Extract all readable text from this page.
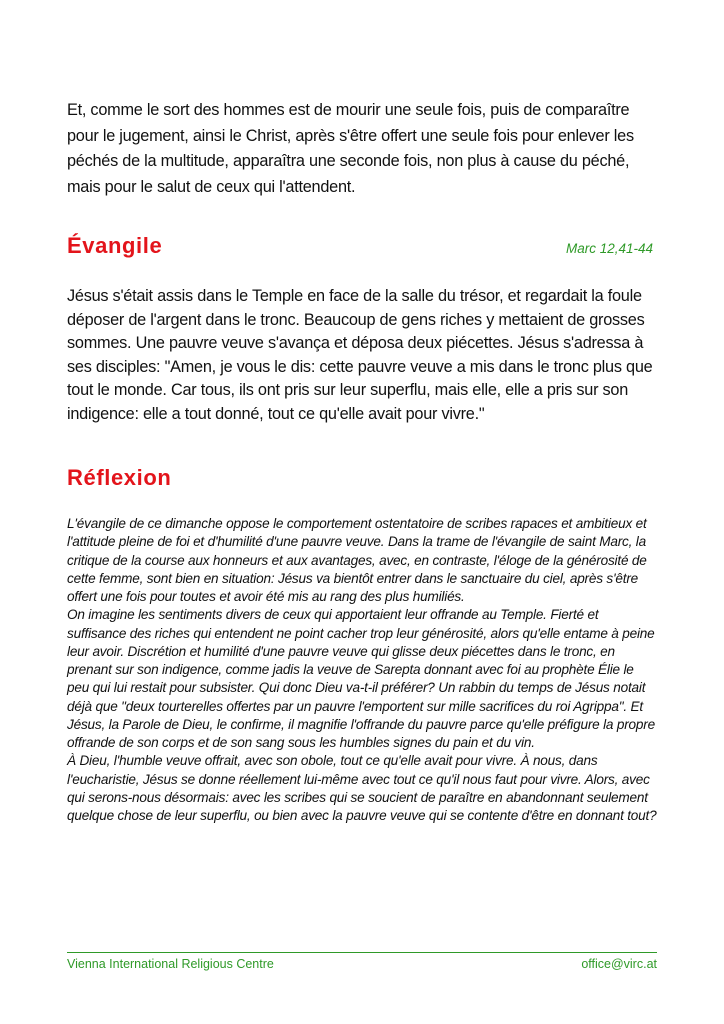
Et, comme le sort des hommes est de mourir une seule fois, puis de comparaître pour le jugement, ainsi le Christ, après s'être offert une seule fois pour enlever les péchés de la multitude, apparaîtra une seconde fois, non plus à cause du péché, mais pour le salut de ceux qui l'attendent.

Évangile	Marc 12,41-44

Jésus s'était assis dans le Temple en face de la salle du trésor, et regardait la foule déposer de l'argent dans le tronc. Beaucoup de gens riches y mettaient de grosses sommes. Une pauvre veuve s'avança et déposa deux piécettes. Jésus s'adressa à ses disciples: "Amen, je vous le dis: cette pauvre veuve a mis dans le tronc plus que tout le monde. Car tous, ils ont pris sur leur superflu, mais elle, elle a pris sur son indigence: elle a tout donné, tout ce qu'elle avait pour vivre."

Réflexion

L'évangile de ce dimanche oppose le comportement ostentatoire de scribes rapaces et ambitieux et l'attitude pleine de foi et d'humilité d'une pauvre veuve. Dans la trame de l'évangile de saint Marc, la critique de la course aux honneurs et aux avantages, avec, en contraste, l'éloge de la générosité de cette femme, sont bien en situation: Jésus va bientôt entrer dans le sanctuaire du ciel, après s'être offert une fois pour toutes et avoir été mis au rang des plus humiliés.

On imagine les sentiments divers de ceux qui apportaient leur offrande au Temple. Fierté et suffisance des riches qui entendent ne point cacher trop leur générosité, alors qu'elle entame à peine leur avoir. Discrétion et humilité d'une pauvre veuve qui glisse deux piécettes dans le tronc, en prenant sur son indigence, comme jadis la veuve de Sarepta donnant avec foi au prophète Élie le peu qui lui restait pour subsister. Qui donc Dieu va-t-il préférer? Un rabbin du temps de Jésus notait déjà que "deux tourterelles offertes par un pauvre l'emportent sur mille sacrifices du roi Agrippa". Et Jésus, la Parole de Dieu, le confirme, il magnifie l'offrande du pauvre parce qu'elle préfigure la propre offrande de son corps et de son sang sous les humbles signes du pain et du vin.

À Dieu, l'humble veuve offrait, avec son obole, tout ce qu'elle avait pour vivre. À nous, dans l'eucharistie, Jésus se donne réellement lui-même avec tout ce qu'il nous faut pour vivre. Alors, avec qui serons-nous désormais: avec les scribes qui se soucient de paraître en abandonnant seulement quelque chose de leur superflu, ou bien avec la pauvre veuve qui se contente d'être en donnant tout?

Vienna International Religious Centre	office@virc.at
